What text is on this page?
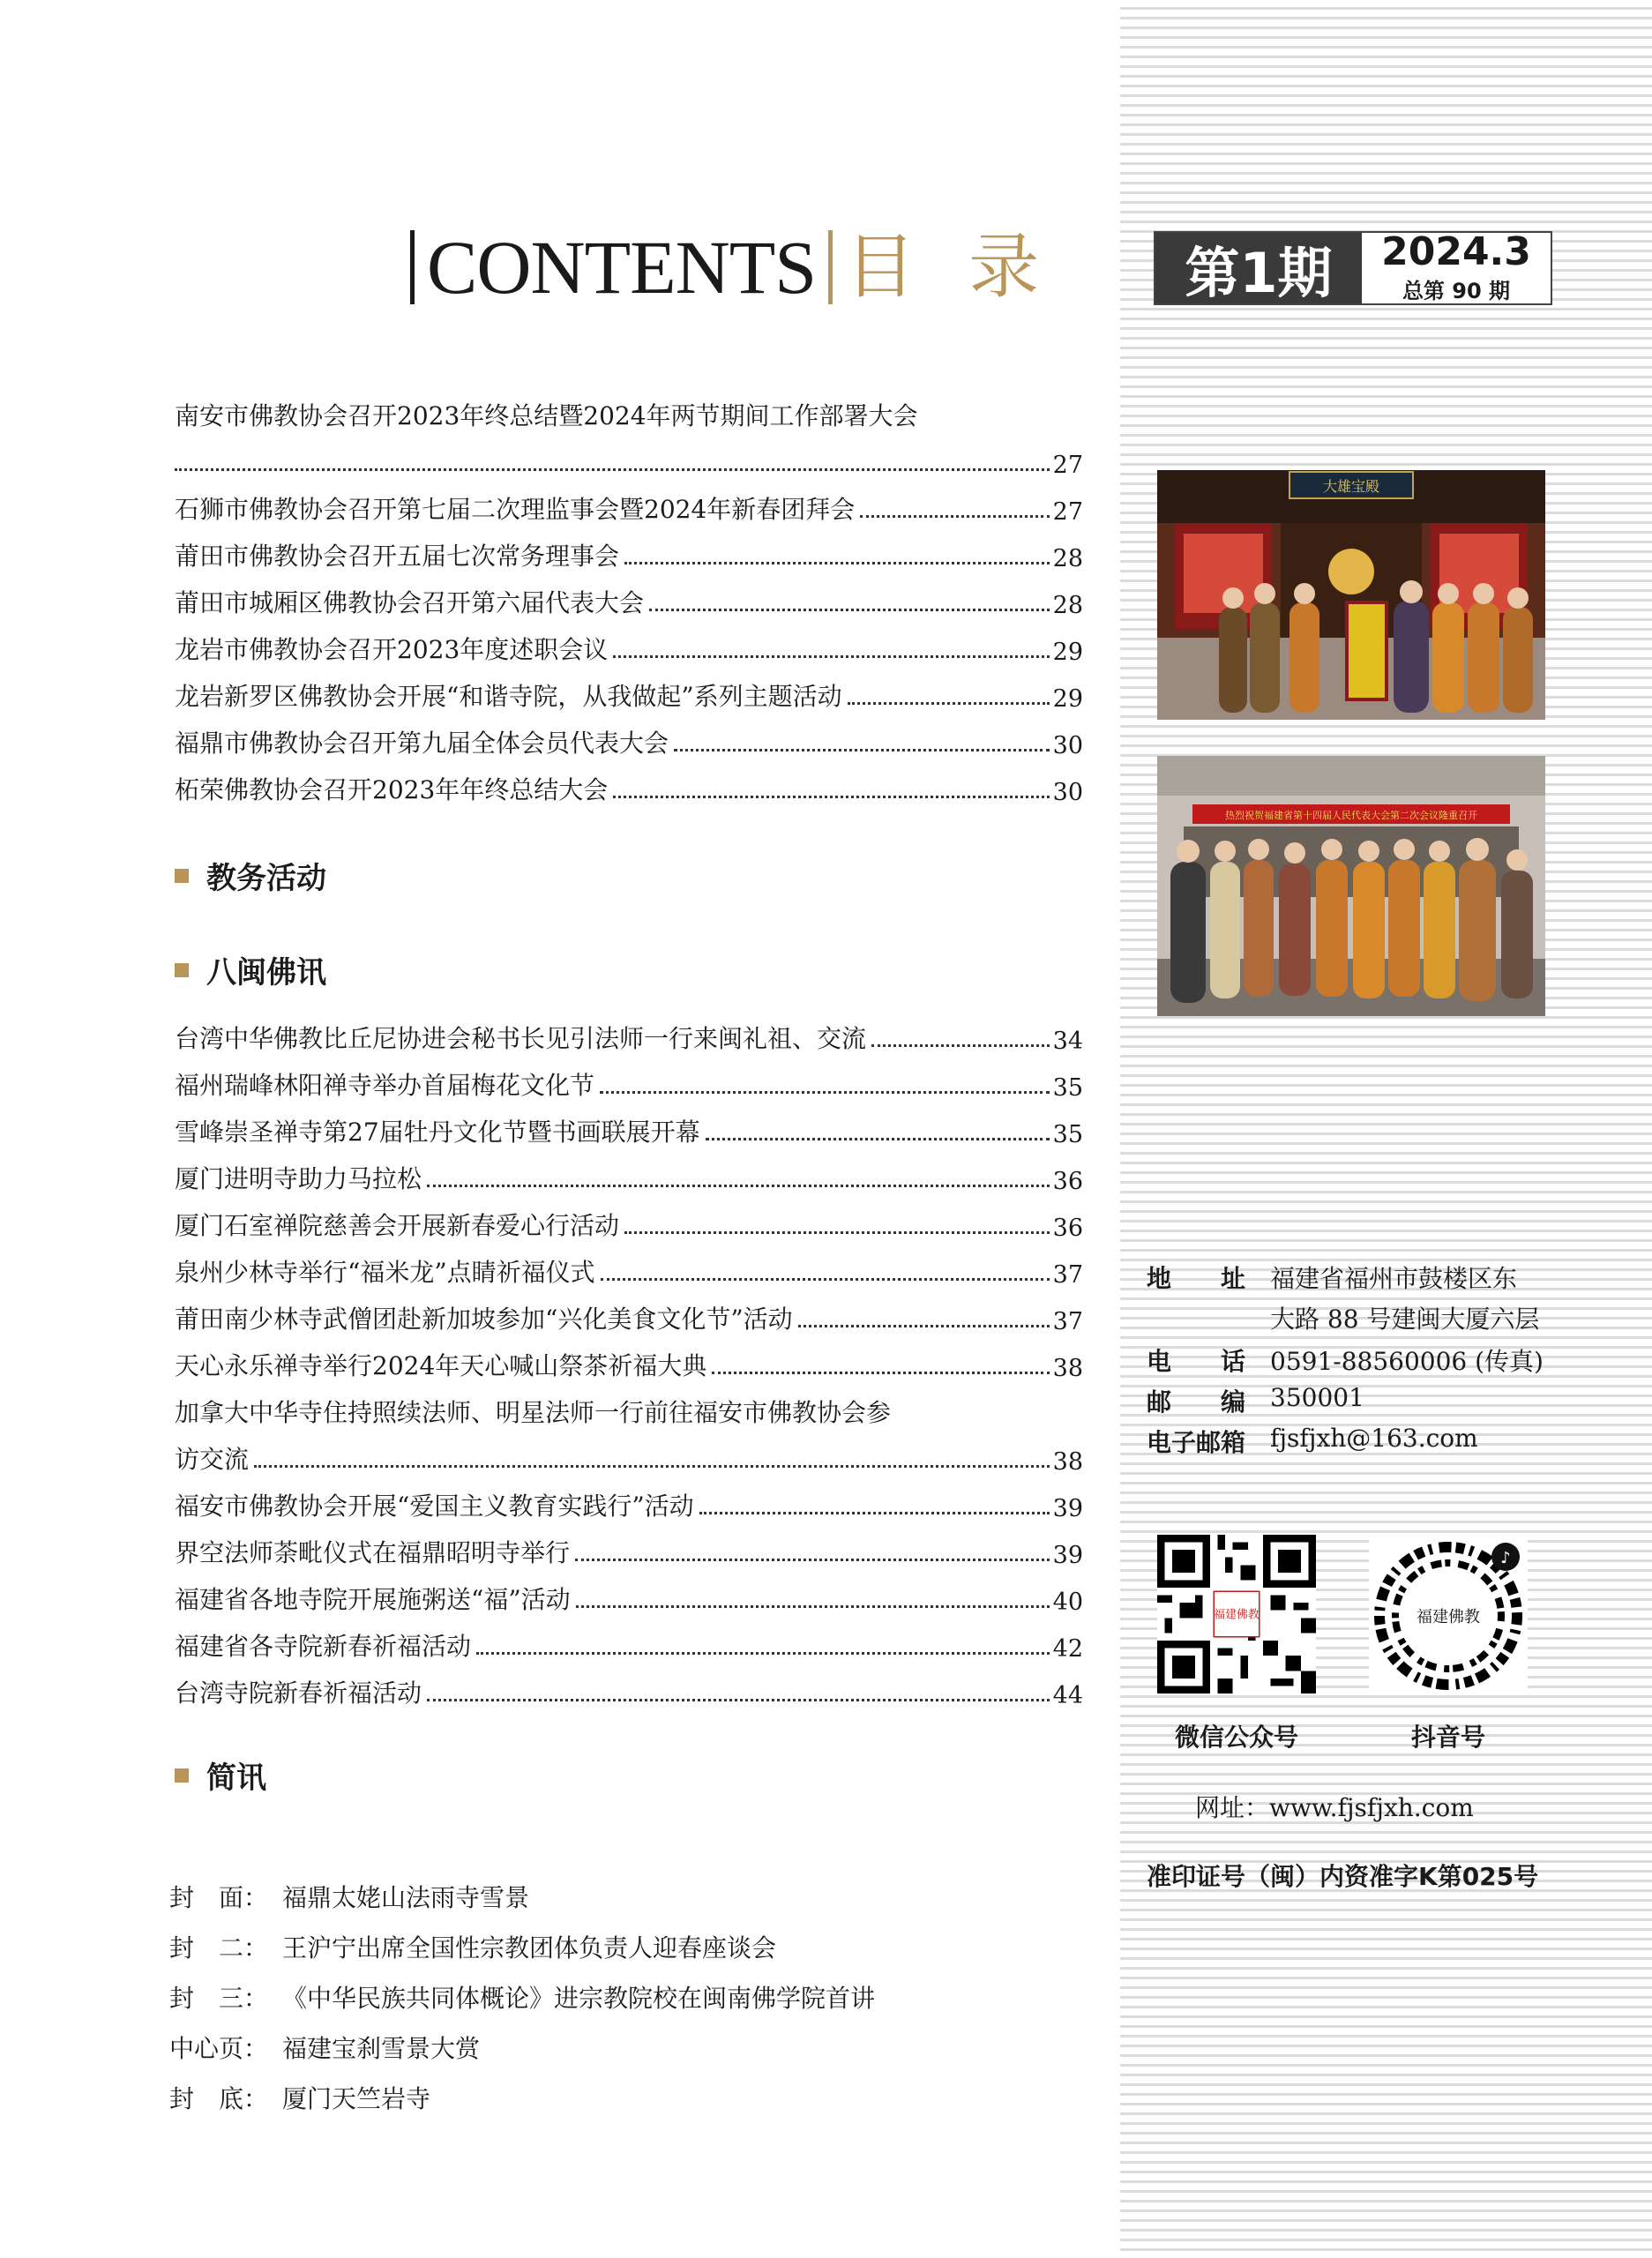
CONTENTS 目录	第1期	2024.3
总第 90 期
南安市佛教协会召开2023年终总结暨2024年两节期间工作部署大会
27
石狮市佛教协会召开第七届二次理监事会暨2024年新春团拜会	27
莆田市佛教协会召开五届七次常务理事会	28
莆田市城厢区佛教协会召开第六届代表大会	28
龙岩市佛教协会召开2023年度述职会议	29
龙岩新罗区佛教协会开展“和谐寺院，从我做起”系列主题活动	29
福鼎市佛教协会召开第九届全体会员代表大会	30
柘荣佛教协会召开2023年年终总结大会	30
教务活动
八闽佛讯
台湾中华佛教比丘尼协进会秘书长见引法师一行来闽礼祖、交流	34
福州瑞峰林阳禅寺举办首届梅花文化节	35
雪峰崇圣禅寺第27届牡丹文化节暨书画联展开幕	35
厦门进明寺助力马拉松	36
厦门石室禅院慈善会开展新春爱心行活动	36
泉州少林寺举行“福米龙”点睛祈福仪式	37
莆田南少林寺武僧团赴新加坡参加“兴化美食文化节”活动	37
天心永乐禅寺举行2024年天心喊山祭茶祈福大典	38
加拿大中华寺住持照续法师、明星法师一行前往福安市佛教协会参
访交流	38
福安市佛教协会开展“爱国主义教育实践行”活动	39
界空法师荼毗仪式在福鼎昭明寺举行	39
福建省各地寺院开展施粥送“福”活动	40
福建省各寺院新春祈福活动	42
台湾寺院新春祈福活动	44
简讯
封　面： 福鼎太姥山法雨寺雪景
封　二： 王沪宁出席全国性宗教团体负责人迎春座谈会
封　三： 《中华民族共同体概论》进宗教院校在闽南佛学院首讲
中心页： 福建宝刹雪景大赏
封　底： 厦门天竺岩寺
大雄宝殿
热烈祝贺福建省第十四届人民代表大会第二次会议隆重召开
地　　址 福建省福州市鼓楼区东
大路 88 号建闽大厦六层
电　　话 0591-88560006 (传真)
邮　　编 350001
电子邮箱 fjsfjxh@163.com
福建佛教
微信公众号
福建佛教
♪
抖音号
网址：www.fjsfjxh.com
准印证号（闽）内资准字K第025号
